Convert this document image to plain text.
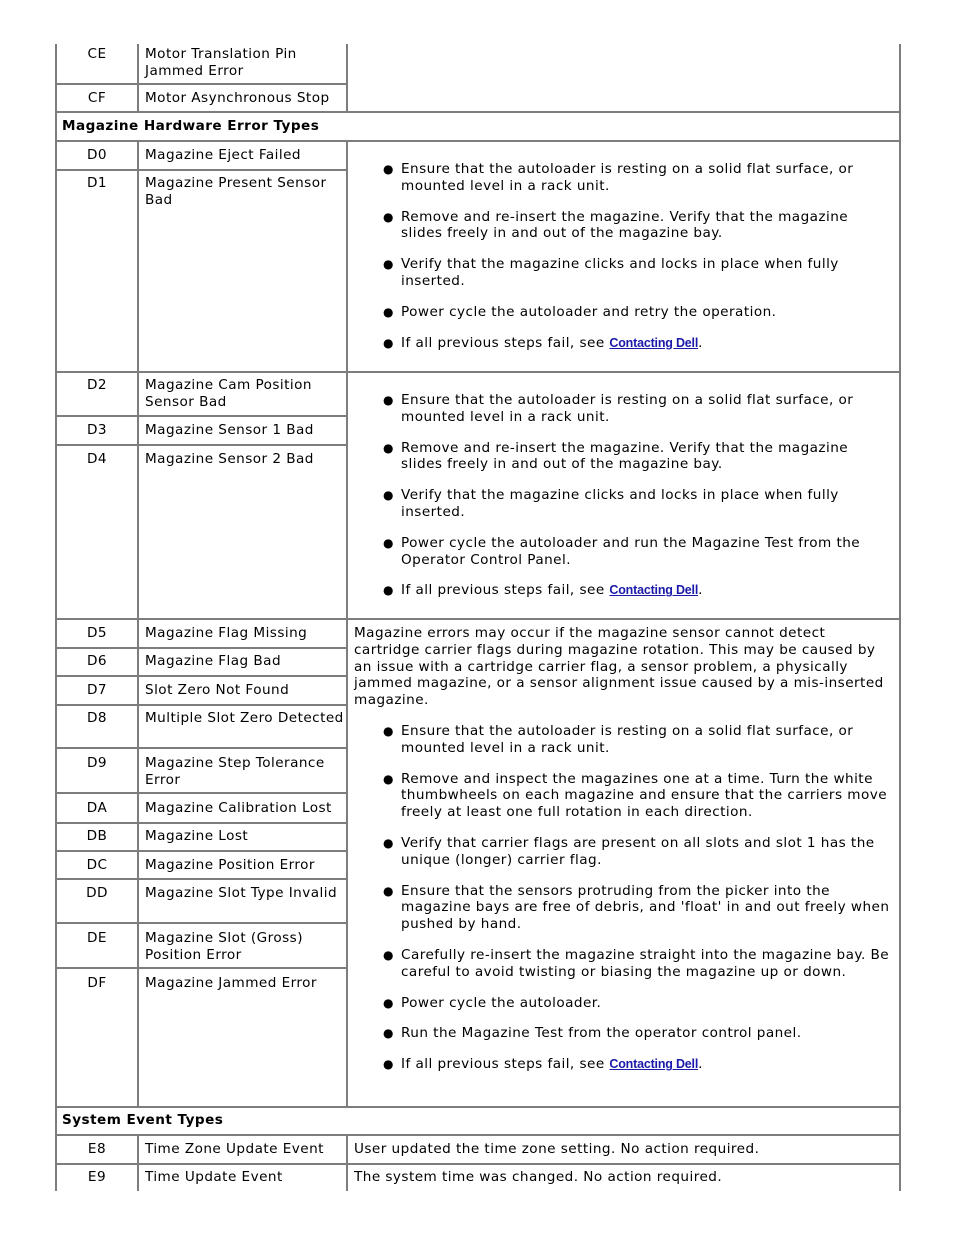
CE	Motor Translation Pin Jammed Error
CF	Motor Asynchronous Stop
Magazine Hardware Error Types
D0	Magazine Eject Failed
D1	Magazine Present Sensor Bad
● Ensure that the autoloader is resting on a solid flat surface, or mounted level in a rack unit.
● Remove and re-insert the magazine. Verify that the magazine slides freely in and out of the magazine bay.
● Verify that the magazine clicks and locks in place when fully inserted.
● Power cycle the autoloader and retry the operation.
● If all previous steps fail, see Contacting Dell.
D2	Magazine Cam Position Sensor Bad
D3	Magazine Sensor 1 Bad
D4	Magazine Sensor 2 Bad
● Ensure that the autoloader is resting on a solid flat surface, or mounted level in a rack unit.
● Remove and re-insert the magazine. Verify that the magazine slides freely in and out of the magazine bay.
● Verify that the magazine clicks and locks in place when fully inserted.
● Power cycle the autoloader and run the Magazine Test from the Operator Control Panel.
● If all previous steps fail, see Contacting Dell.
D5	Magazine Flag Missing
D6	Magazine Flag Bad
D7	Slot Zero Not Found
D8	Multiple Slot Zero Detected
D9	Magazine Step Tolerance Error
DA	Magazine Calibration Lost
DB	Magazine Lost
DC	Magazine Position Error
DD	Magazine Slot Type Invalid
DE	Magazine Slot (Gross) Position Error
DF	Magazine Jammed Error

Magazine errors may occur if the magazine sensor cannot detect cartridge carrier flags during magazine rotation. This may be caused by an issue with a cartridge carrier flag, a sensor problem, a physically jammed magazine, or a sensor alignment issue caused by a mis-inserted magazine.

● Ensure that the autoloader is resting on a solid flat surface, or mounted level in a rack unit.
● Remove and inspect the magazines one at a time. Turn the white thumbwheels on each magazine and ensure that the carriers move freely at least one full rotation in each direction.
● Verify that carrier flags are present on all slots and slot 1 has the unique (longer) carrier flag.
● Ensure that the sensors protruding from the picker into the magazine bays are free of debris, and 'float' in and out freely when pushed by hand.
● Carefully re-insert the magazine straight into the magazine bay. Be careful to avoid twisting or biasing the magazine up or down.
● Power cycle the autoloader.
● Run the Magazine Test from the operator control panel.
● If all previous steps fail, see Contacting Dell.
System Event Types
E8	Time Zone Update Event	User updated the time zone setting. No action required.
E9	Time Update Event	The system time was changed. No action required.
